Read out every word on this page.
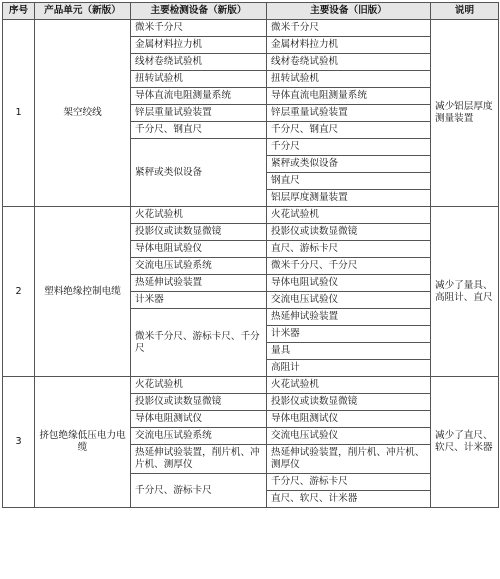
序号	产品单元（新版）	主要检测设备（新版）	主要设备（旧版）	说明
1	架空绞线	微米千分尺	微米千分尺	减少铝层厚度测量装置
		金属材料拉力机	金属材料拉力机	
		线材卷绕试验机	线材卷绕试验机	
		扭转试验机	扭转试验机	
		导体直流电阻测量系统	导体直流电阻测量系统	
		锌层重量试验装置	锌层重量试验装置	
		千分尺、钢直尺	千分尺、钢直尺	
		紧秤或类似设备	千分尺	
			紧秤或类似设备	
			钢直尺	
			铝层厚度测量装置	
2	塑料绝缘控制电缆	火花试验机	火花试验机	减少了量具、高阻计、直尺
		投影仪或读数显微镜	投影仪或读数显微镜	
		导体电阻试验仪	直尺、游标卡尺	
		交流电压试验系统	微米千分尺、千分尺	
		热延伸试验装置	导体电阻试验仪	
		计米器	交流电压试验仪	
		微米千分尺、游标卡尺、千分尺	热延伸试验装置	
			计米器	
			量具	
			高阻计	
3	挤包绝缘低压电力电缆	火花试验机	火花试验机	减少了直尺、软尺、计米器
		投影仪或读数显微镜	投影仪或读数显微镜	
		导体电阻测试仪	导体电阻测试仪	
		交流电压试验系统	交流电压试验仪	
		热延伸试验装置，削片机、冲片机、测厚仪	热延伸试验装置，削片机、冲片机、测厚仪	
		千分尺、游标卡尺	千分尺、游标卡尺	
			直尺、软尺、计米器	
